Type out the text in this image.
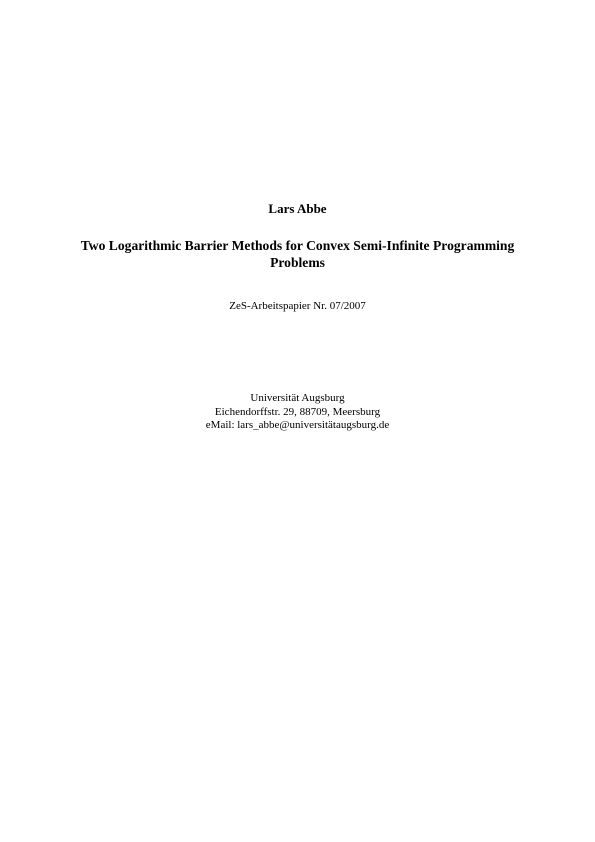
Lars Abbe
Two Logarithmic Barrier Methods for Convex Semi-Infinite Programming
Problems
ZeS-Arbeitspapier Nr. 07/2007
Universität Augsburg
Eichendorffstr. 29, 88709, Meersburg
eMail: lars_abbe@universitätaugsburg.de
